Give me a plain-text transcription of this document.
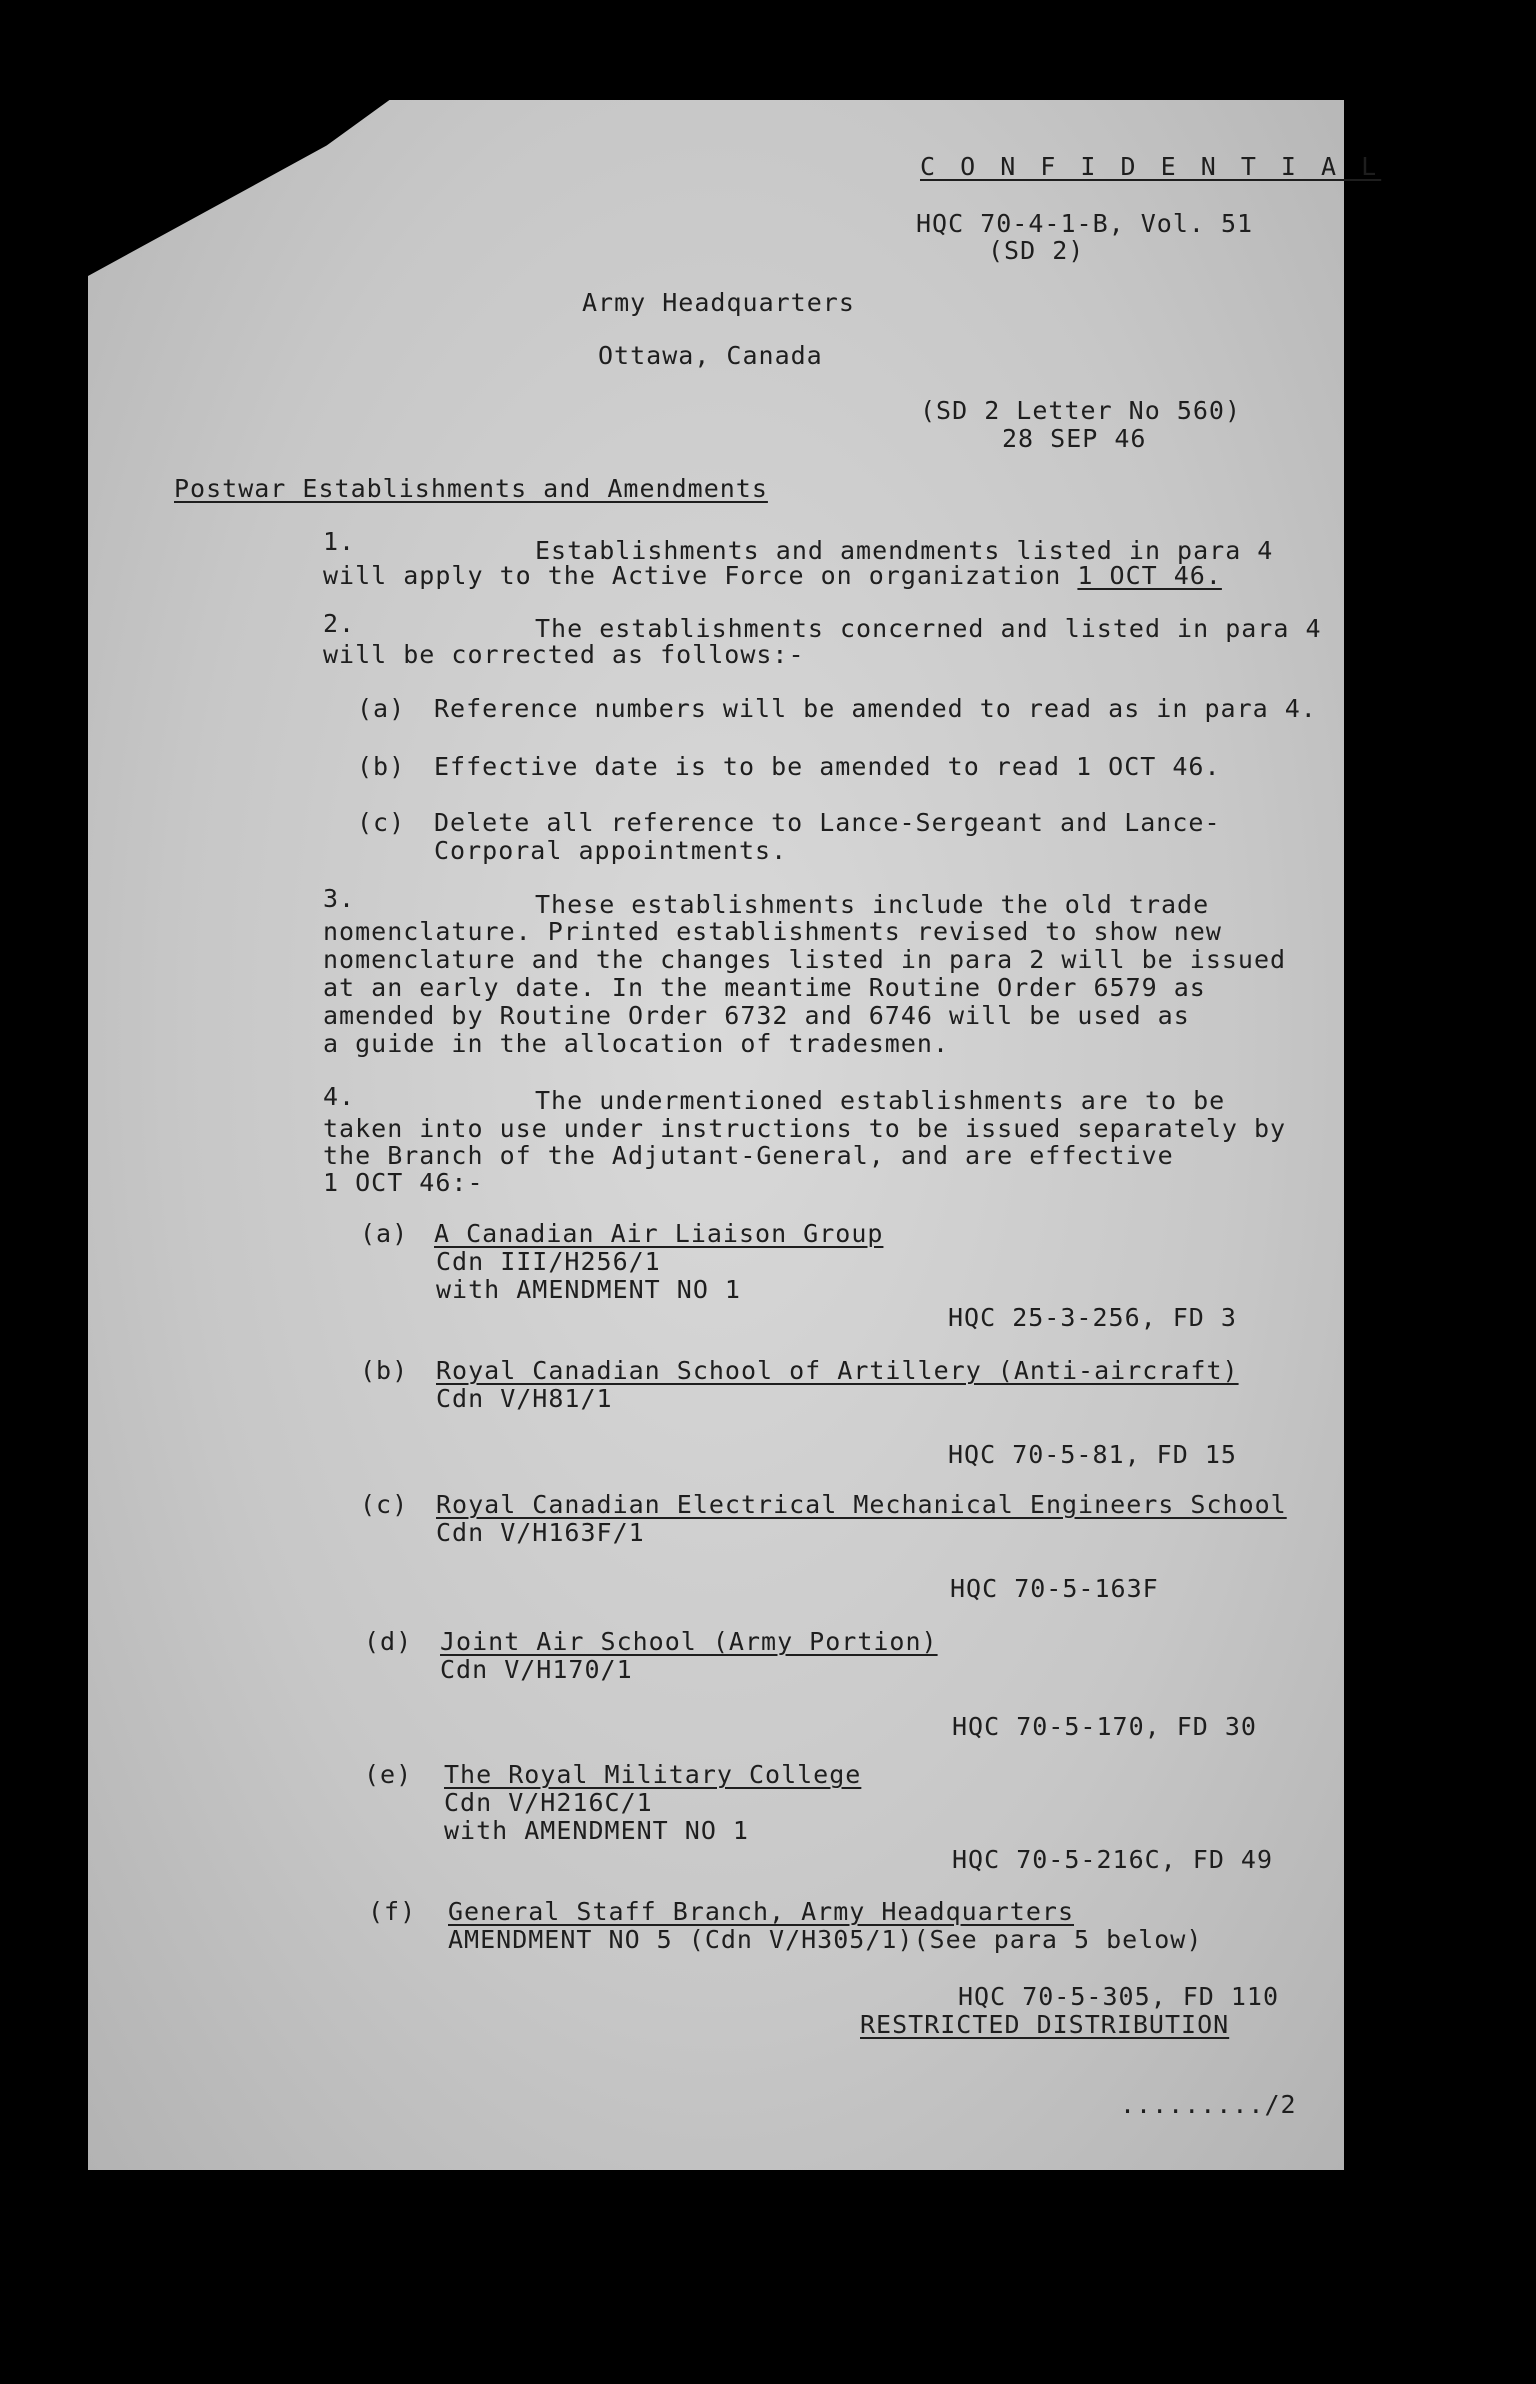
C O N F I D E N T I A L
HQC 70-4-1-B, Vol. 51
(SD 2)
Army Headquarters
Ottawa, Canada
(SD 2 Letter No 560)
28 SEP 46
Postwar Establishments and Amendments
1.	Establishments and amendments listed in para 4
will apply to the Active Force on organization 1 OCT 46.
2.	The establishments concerned and listed in para 4
will be corrected as follows:-
(a) Reference numbers will be amended to read as in para 4.
(b) Effective date is to be amended to read 1 OCT 46.
(c) Delete all reference to Lance-Sergeant and Lance-
Corporal appointments.
3.	These establishments include the old trade
nomenclature. Printed establishments revised to show new
nomenclature and the changes listed in para 2 will be issued
at an early date. In the meantime Routine Order 6579 as
amended by Routine Order 6732 and 6746 will be used as
a guide in the allocation of tradesmen.
4.	The undermentioned establishments are to be
taken into use under instructions to be issued separately by
the Branch of the Adjutant-General, and are effective
1 OCT 46:-
(a) A Canadian Air Liaison Group
Cdn III/H256/1
with AMENDMENT NO 1
HQC 25-3-256, FD 3
(b) Royal Canadian School of Artillery (Anti-aircraft)
Cdn V/H81/1
HQC 70-5-81, FD 15
(c) Royal Canadian Electrical Mechanical Engineers School
Cdn V/H163F/1
HQC 70-5-163F
(d) Joint Air School (Army Portion)
Cdn V/H170/1
HQC 70-5-170, FD 30
(e) The Royal Military College
Cdn V/H216C/1
with AMENDMENT NO 1
HQC 70-5-216C, FD 49
(f) General Staff Branch, Army Headquarters
AMENDMENT NO 5 (Cdn V/H305/1)(See para 5 below)
HQC 70-5-305, FD 110
RESTRICTED DISTRIBUTION
........./2
